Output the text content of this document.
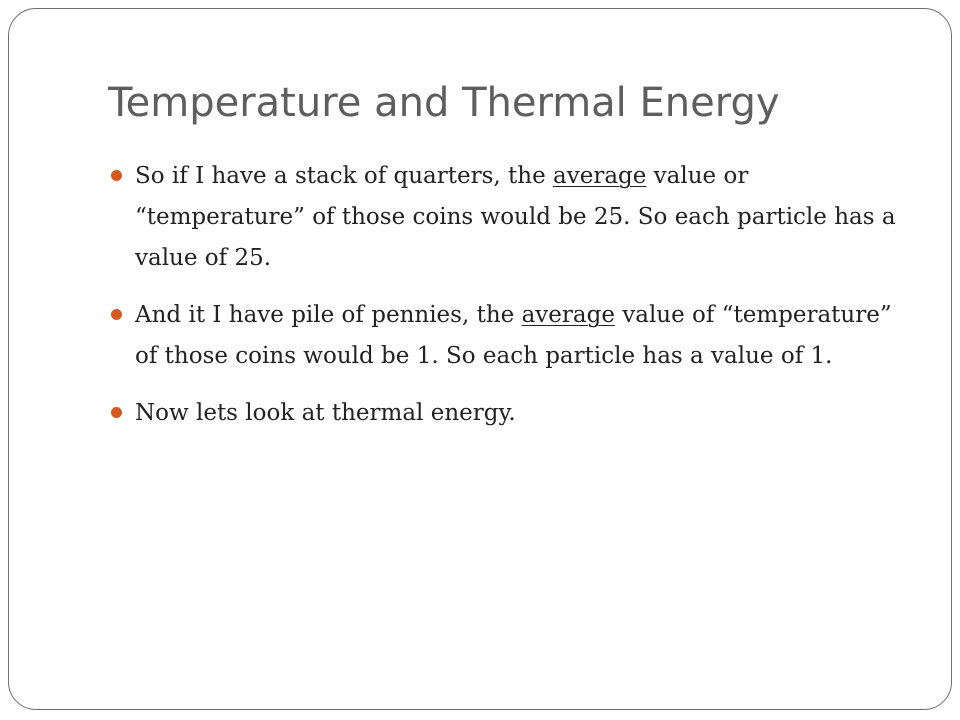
Temperature and Thermal Energy
So if I have a stack of quarters, the average value or “temperature” of those coins would be 25. So each particle has a value of 25.
And it I have pile of pennies, the average value of “temperature” of those coins would be 1. So each particle has a value of 1.
Now lets look at thermal energy.
